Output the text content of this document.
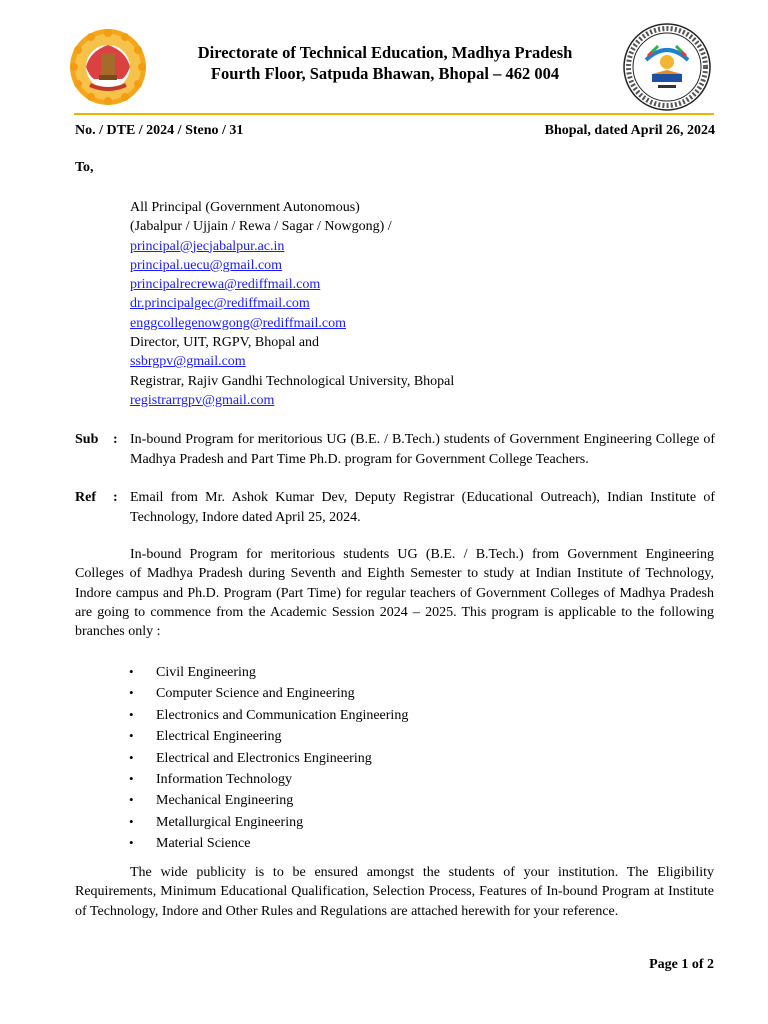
Directorate of Technical Education, Madhya Pradesh
Fourth Floor, Satpuda Bhawan, Bhopal – 462 004
No. / DTE / 2024 / Steno / 31	Bhopal, dated April 26, 2024
To,
All Principal (Government Autonomous)
(Jabalpur / Ujjain / Rewa / Sagar / Nowgong) /
principal@jecjabalpur.ac.in
principal.uecu@gmail.com
principalrecrewa@rediffmail.com
dr.principalgec@rediffmail.com
enggcollegenowgong@rediffmail.com
Director, UIT, RGPV, Bhopal and
ssbrgpv@gmail.com
Registrar, Rajiv Gandhi Technological University, Bhopal
registrarrgpv@gmail.com
Sub	: In-bound Program for meritorious UG (B.E. / B.Tech.) students of Government Engineering College of Madhya Pradesh and Part Time Ph.D. program for Government College Teachers.
Ref	: Email from Mr. Ashok Kumar Dev, Deputy Registrar (Educational Outreach), Indian Institute of Technology, Indore dated April 25, 2024.
In-bound Program for meritorious students UG (B.E. / B.Tech.) from Government Engineering Colleges of Madhya Pradesh during Seventh and Eighth Semester to study at Indian Institute of Technology, Indore campus and Ph.D. Program (Part Time) for regular teachers of Government Colleges of Madhya Pradesh are going to commence from the Academic Session 2024 – 2025. This program is applicable to the following branches only :
•	Civil Engineering
•	Computer Science and Engineering
•	Electronics and Communication Engineering
•	Electrical Engineering
•	Electrical and Electronics Engineering
•	Information Technology
•	Mechanical Engineering
•	Metallurgical Engineering
•	Material Science
The wide publicity is to be ensured amongst the students of your institution. The Eligibility Requirements, Minimum Educational Qualification, Selection Process, Features of In-bound Program at Institute of Technology, Indore and Other Rules and Regulations are attached herewith for your reference.
Page 1 of 2
